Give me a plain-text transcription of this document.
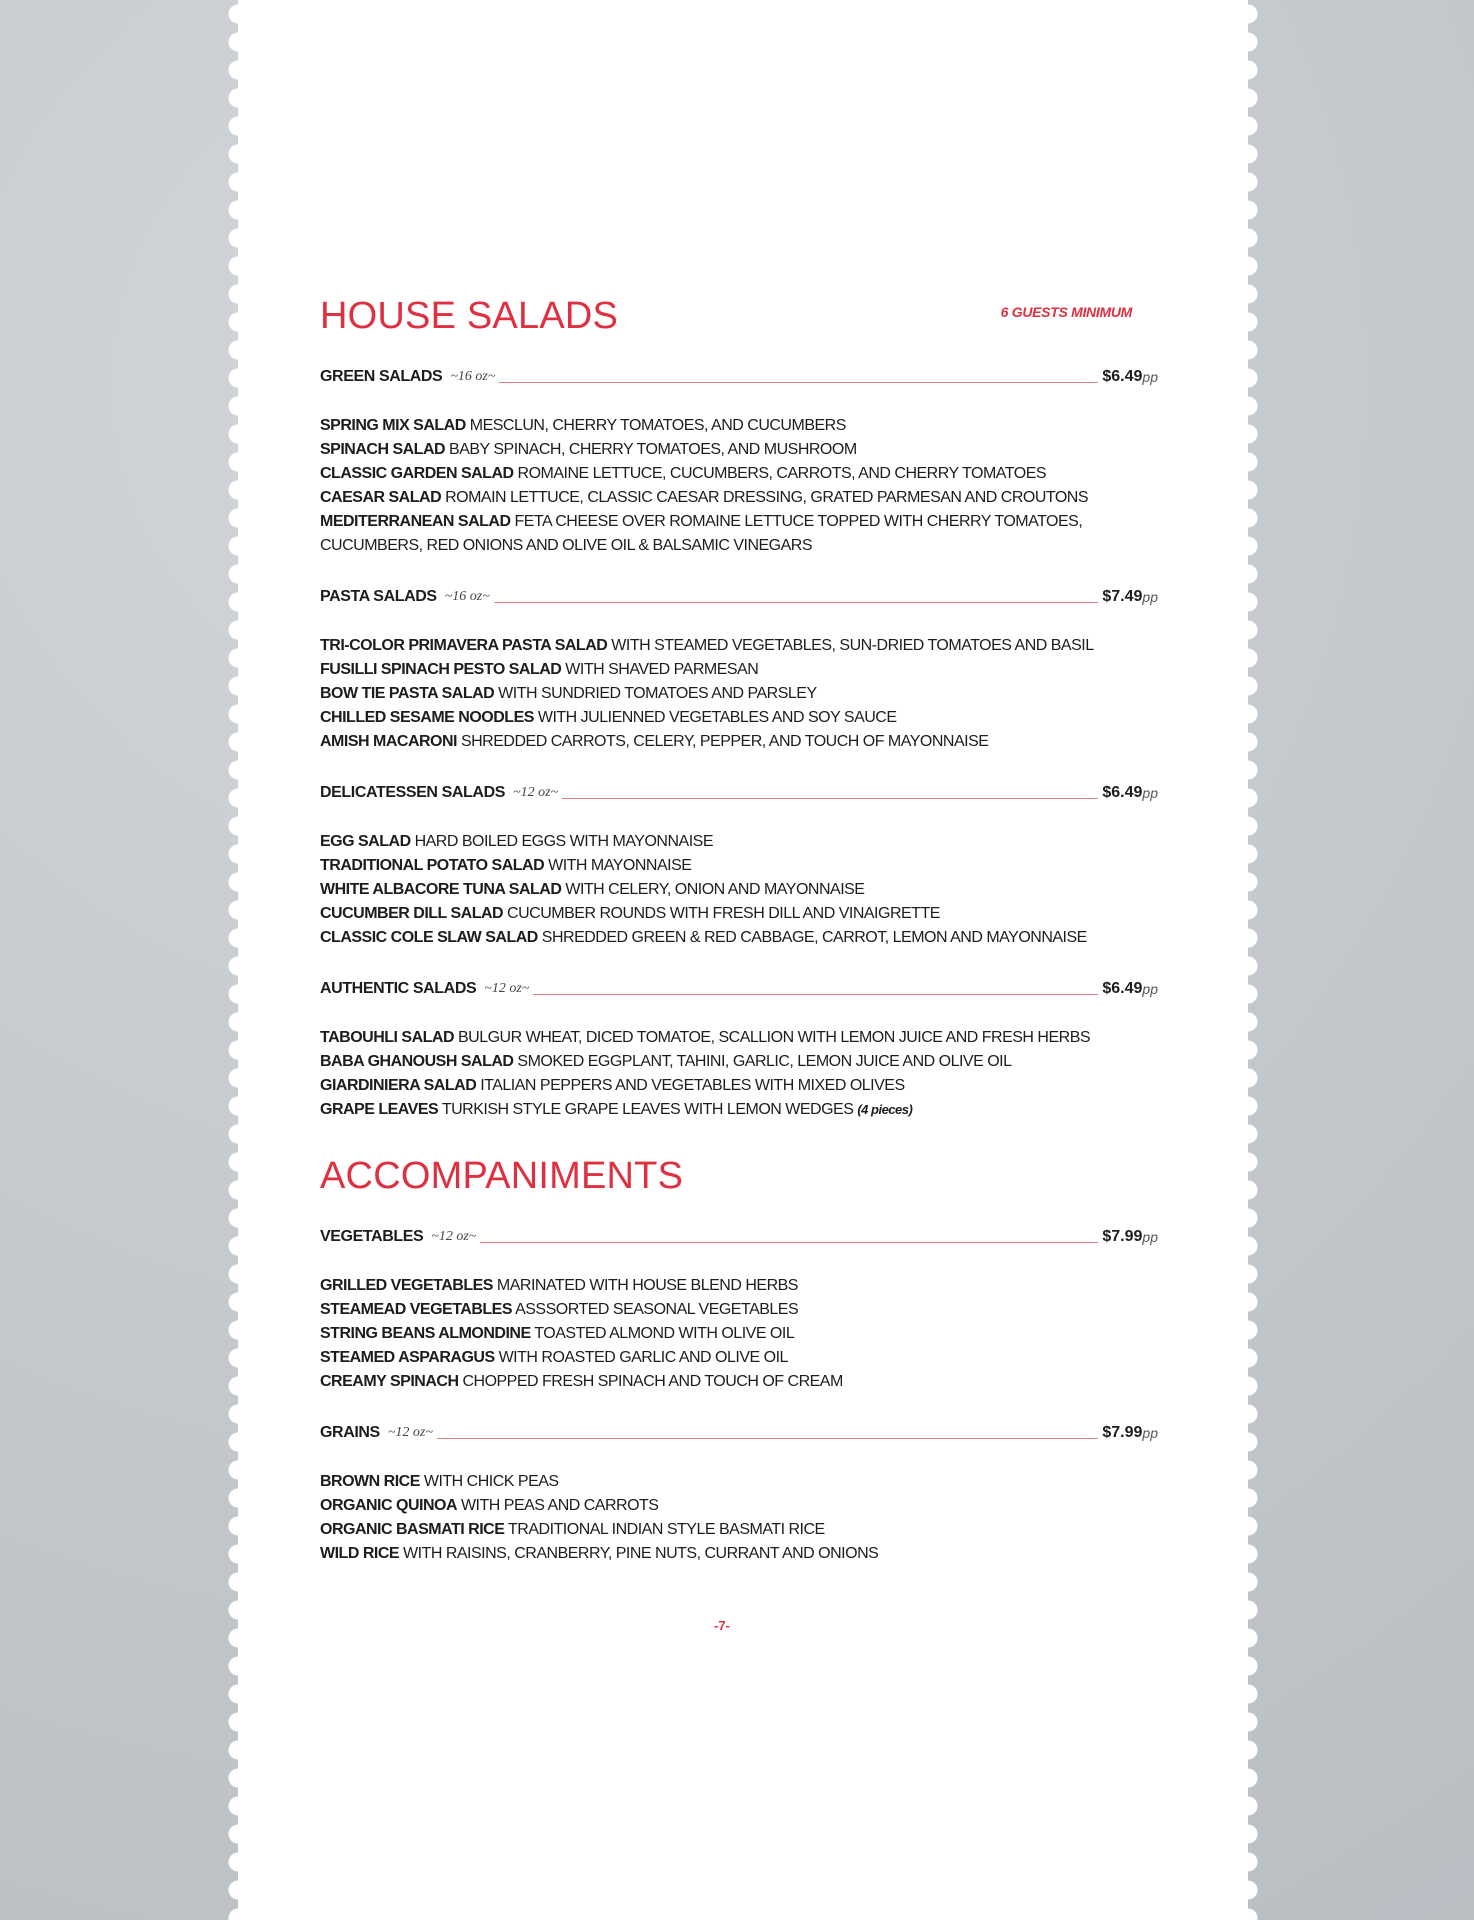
HOUSE SALADS	6 GUESTS MINIMUM
GREEN SALADS ~16 oz~	$6.49 pp
SPRING MIX SALAD MESCLUN, CHERRY TOMATOES, AND CUCUMBERS
SPINACH SALAD BABY SPINACH, CHERRY TOMATOES, AND MUSHROOM
CLASSIC GARDEN SALAD ROMAINE LETTUCE, CUCUMBERS, CARROTS, AND CHERRY TOMATOES
CAESAR SALAD ROMAIN LETTUCE, CLASSIC CAESAR DRESSING, GRATED PARMESAN AND CROUTONS
MEDITERRANEAN SALAD FETA CHEESE OVER ROMAINE LETTUCE TOPPED WITH CHERRY TOMATOES, CUCUMBERS, RED ONIONS AND OLIVE OIL & BALSAMIC VINEGARS
PASTA SALADS ~16 oz~	$7.49 pp
TRI-COLOR PRIMAVERA PASTA SALAD WITH STEAMED VEGETABLES, SUN-DRIED TOMATOES AND BASIL
FUSILLI SPINACH PESTO SALAD WITH SHAVED PARMESAN
BOW TIE PASTA SALAD WITH SUNDRIED TOMATOES AND PARSLEY
CHILLED SESAME NOODLES WITH JULIENNED VEGETABLES AND SOY SAUCE
AMISH MACARONI SHREDDED CARROTS, CELERY, PEPPER, AND TOUCH OF MAYONNAISE
DELICATESSEN SALADS ~12 oz~	$6.49 pp
EGG SALAD HARD BOILED EGGS WITH MAYONNAISE
TRADITIONAL POTATO SALAD WITH MAYONNAISE
WHITE ALBACORE TUNA SALAD WITH CELERY, ONION AND MAYONNAISE
CUCUMBER DILL SALAD CUCUMBER ROUNDS WITH FRESH DILL AND VINAIGRETTE
CLASSIC COLE SLAW SALAD SHREDDED GREEN & RED CABBAGE, CARROT, LEMON AND MAYONNAISE
AUTHENTIC SALADS ~12 oz~	$6.49 pp
TABOUHLI SALAD BULGUR WHEAT, DICED TOMATOE, SCALLION WITH LEMON JUICE AND FRESH HERBS
BABA GHANOUSH SALAD SMOKED EGGPLANT, TAHINI, GARLIC, LEMON JUICE AND OLIVE OIL
GIARDINIERA SALAD ITALIAN PEPPERS AND VEGETABLES WITH MIXED OLIVES
GRAPE LEAVES TURKISH STYLE GRAPE LEAVES WITH LEMON WEDGES (4 pieces)
ACCOMPANIMENTS
VEGETABLES ~12 oz~	$7.99 pp
GRILLED VEGETABLES MARINATED WITH HOUSE BLEND HERBS
STEAMEAD VEGETABLES ASSSORTED SEASONAL VEGETABLES
STRING BEANS ALMONDINE TOASTED ALMOND WITH OLIVE OIL
STEAMED ASPARAGUS WITH ROASTED GARLIC AND OLIVE OIL
CREAMY SPINACH CHOPPED FRESH SPINACH AND TOUCH OF CREAM
GRAINS ~12 oz~	$7.99 pp
BROWN RICE WITH CHICK PEAS
ORGANIC QUINOA WITH PEAS AND CARROTS
ORGANIC BASMATI RICE TRADITIONAL INDIAN STYLE BASMATI RICE
WILD RICE WITH RAISINS, CRANBERRY, PINE NUTS, CURRANT AND ONIONS
-7-
